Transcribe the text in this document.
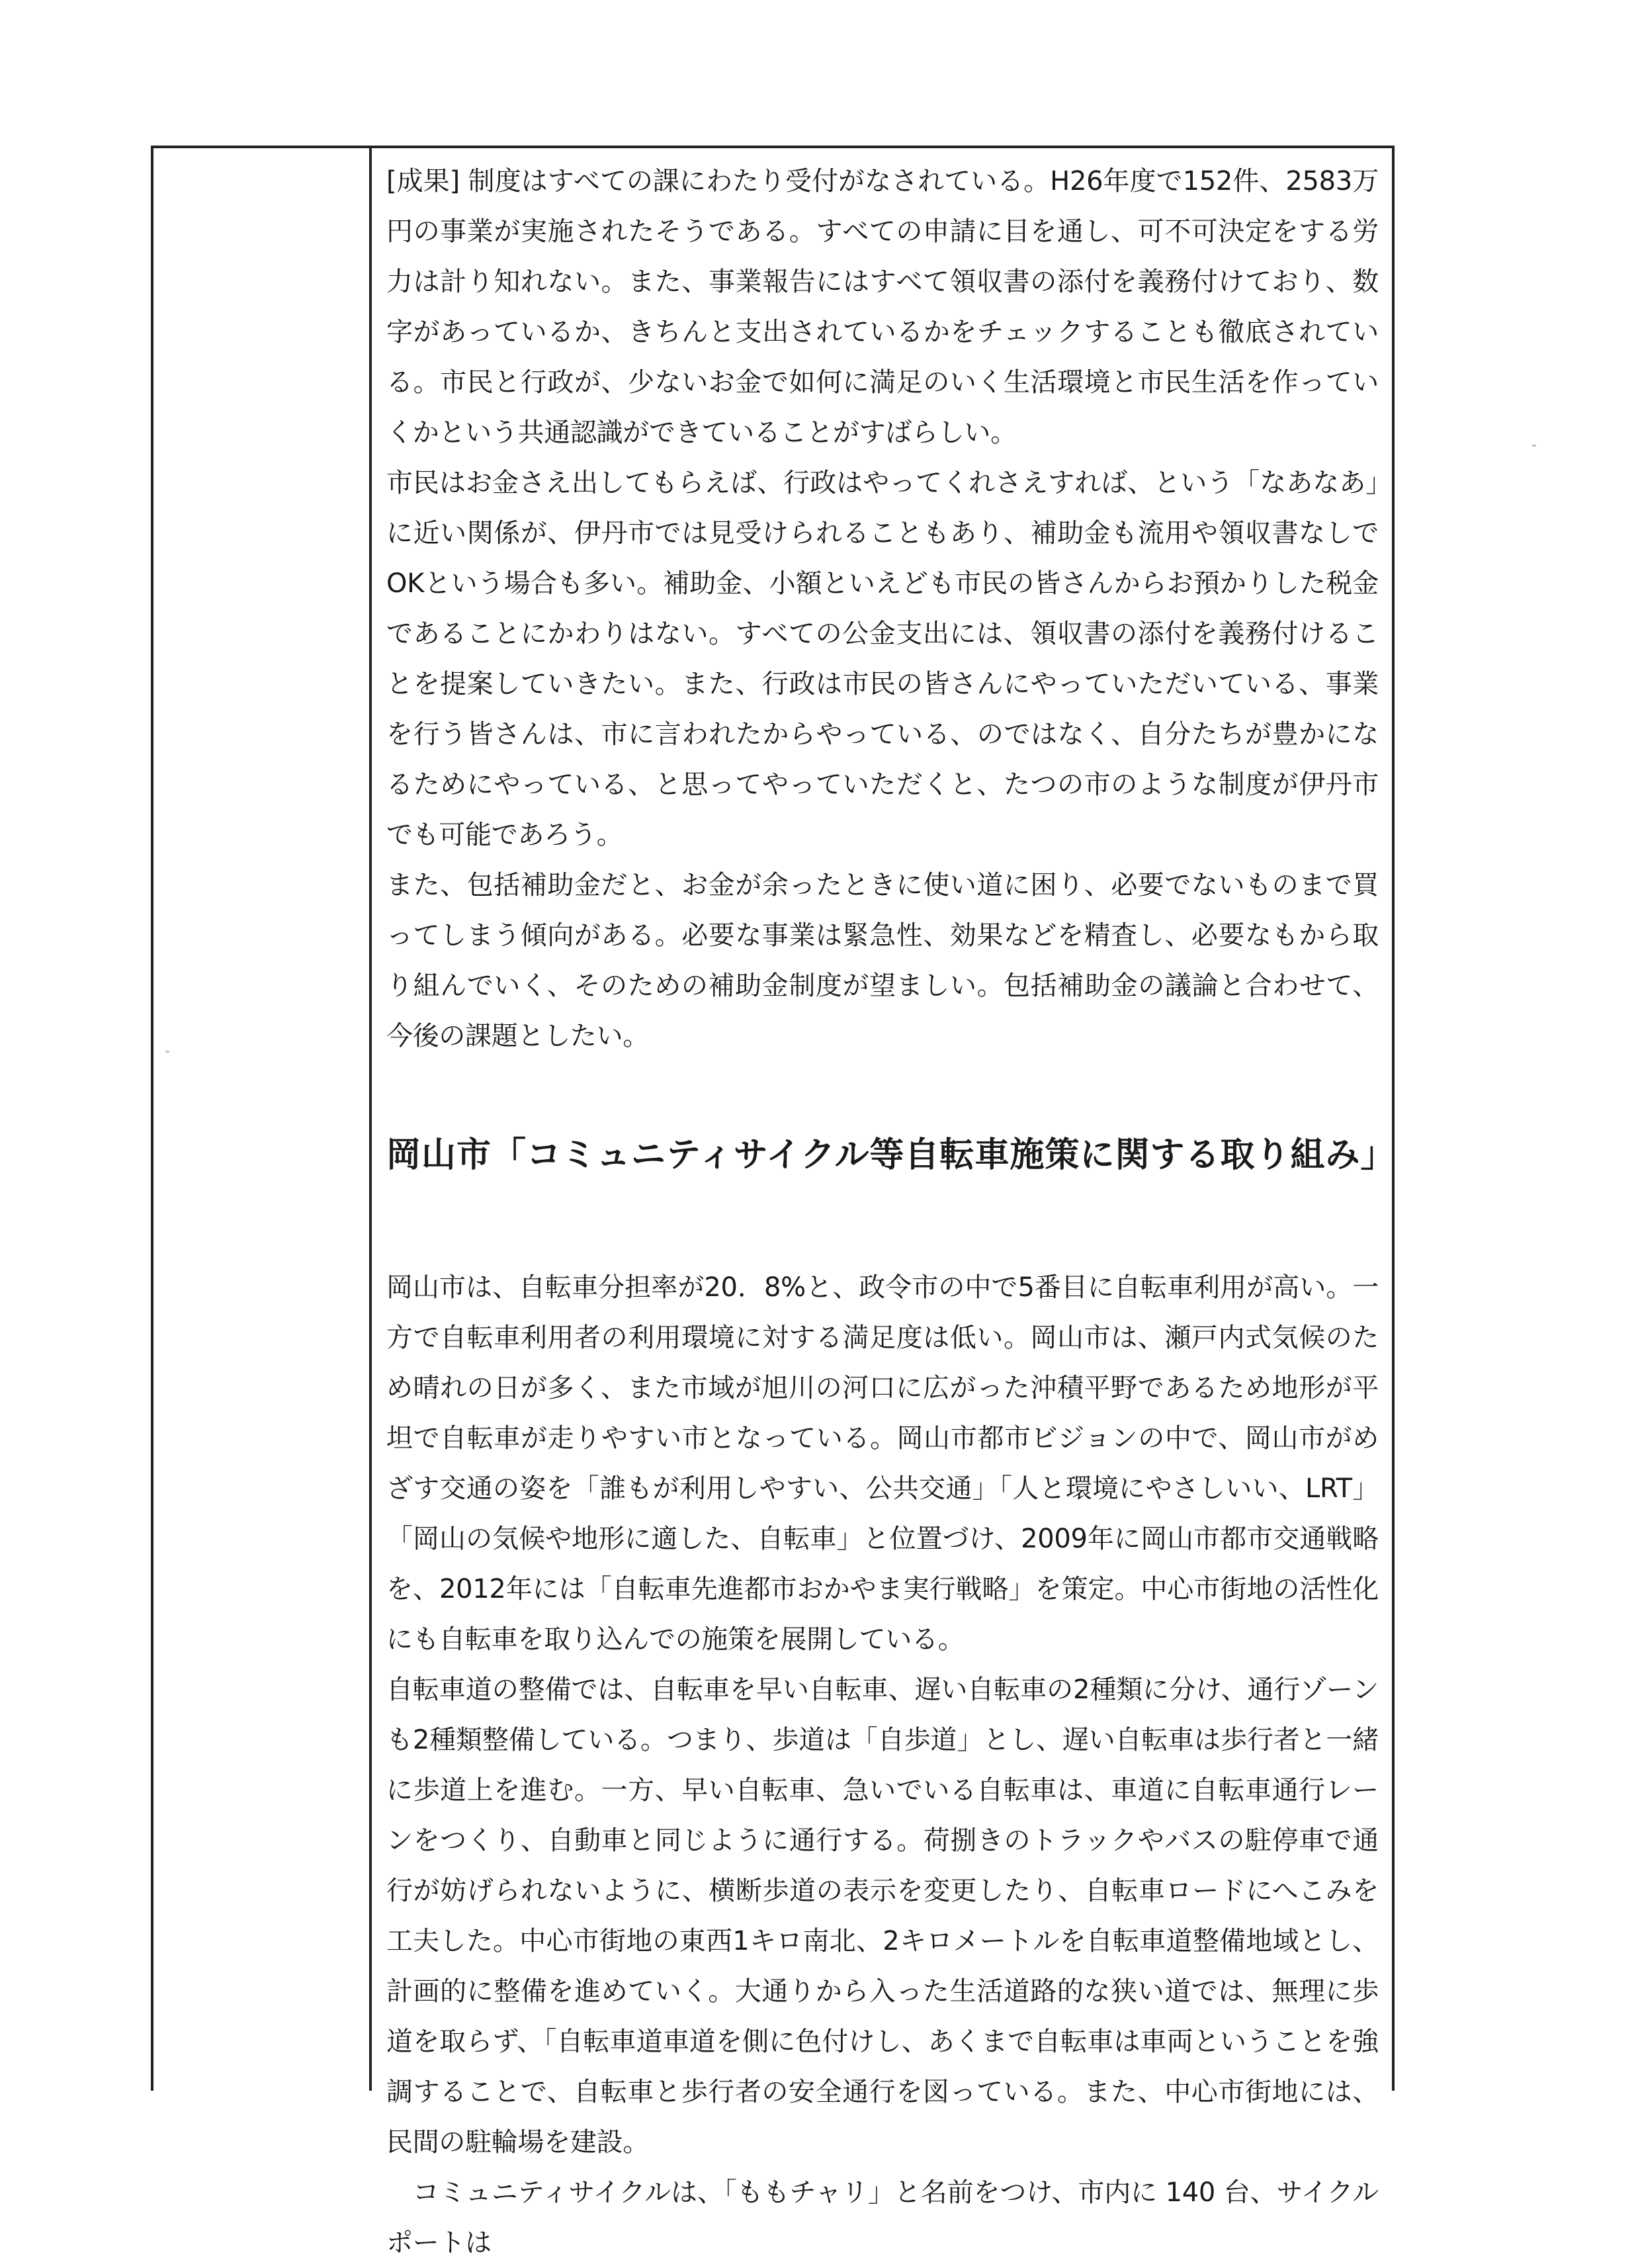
[成果] 制度はすべての課にわたり受付がなされている。H26年度で152件、2583万円の事業が実施されたそうである。すべての申請に目を通し、可不可決定をする労力は計り知れない。また、事業報告にはすべて領収書の添付を義務付けており、数字があっているか、きちんと支出されているかをチェックすることも徹底されている。市民と行政が、少ないお金で如何に満足のいく生活環境と市民生活を作っていくかという共通認識ができていることがすばらしい。

市民はお金さえ出してもらえば、行政はやってくれさえすれば、という「なあなあ」に近い関係が、伊丹市では見受けられることもあり、補助金も流用や領収書なしでOKという場合も多い。補助金、小額といえども市民の皆さんからお預かりした税金であることにかわりはない。すべての公金支出には、領収書の添付を義務付けることを提案していきたい。また、行政は市民の皆さんにやっていただいている、事業を行う皆さんは、市に言われたからやっている、のではなく、自分たちが豊かになるためにやっている、と思ってやっていただくと、たつの市のような制度が伊丹市でも可能であろう。

また、包括補助金だと、お金が余ったときに使い道に困り、必要でないものまで買ってしまう傾向がある。必要な事業は緊急性、効果などを精査し、必要なもから取り組んでいく、そのための補助金制度が望ましい。包括補助金の議論と合わせて、今後の課題としたい。

岡山市「コミュニティサイクル等自転車施策に関する取り組み」

岡山市は、自転車分担率が20．8%と、政令市の中で5番目に自転車利用が高い。一方で自転車利用者の利用環境に対する満足度は低い。岡山市は、瀬戸内式気候のため晴れの日が多く、また市域が旭川の河口に広がった沖積平野であるため地形が平坦で自転車が走りやすい市となっている。岡山市都市ビジョンの中で、岡山市がめざす交通の姿を「誰もが利用しやすい、公共交通」「人と環境にやさしいい、LRT」「岡山の気候や地形に適した、自転車」と位置づけ、2009年に岡山市都市交通戦略を、2012年には「自転車先進都市おかやま実行戦略」を策定。中心市街地の活性化にも自転車を取り込んでの施策を展開している。

自転車道の整備では、自転車を早い自転車、遅い自転車の2種類に分け、通行ゾーンも2種類整備している。つまり、歩道は「自歩道」とし、遅い自転車は歩行者と一緒に歩道上を進む。一方、早い自転車、急いでいる自転車は、車道に自転車通行レーンをつくり、自動車と同じように通行する。荷捌きのトラックやバスの駐停車で通行が妨げられないように、横断歩道の表示を変更したり、自転車ロードにへこみを工夫した。中心市街地の東西1キロ南北、2キロメートルを自転車道整備地域とし、計画的に整備を進めていく。大通りから入った生活道路的な狭い道では、無理に歩道を取らず、「自転車道車道を側に色付けし、あくまで自転車は車両ということを強調することで、自転車と歩行者の安全通行を図っている。また、中心市街地には、民間の駐輪場を建設。

コミュニティサイクルは、「ももチャリ」と名前をつけ、市内に 140 台、サイクルポートは
